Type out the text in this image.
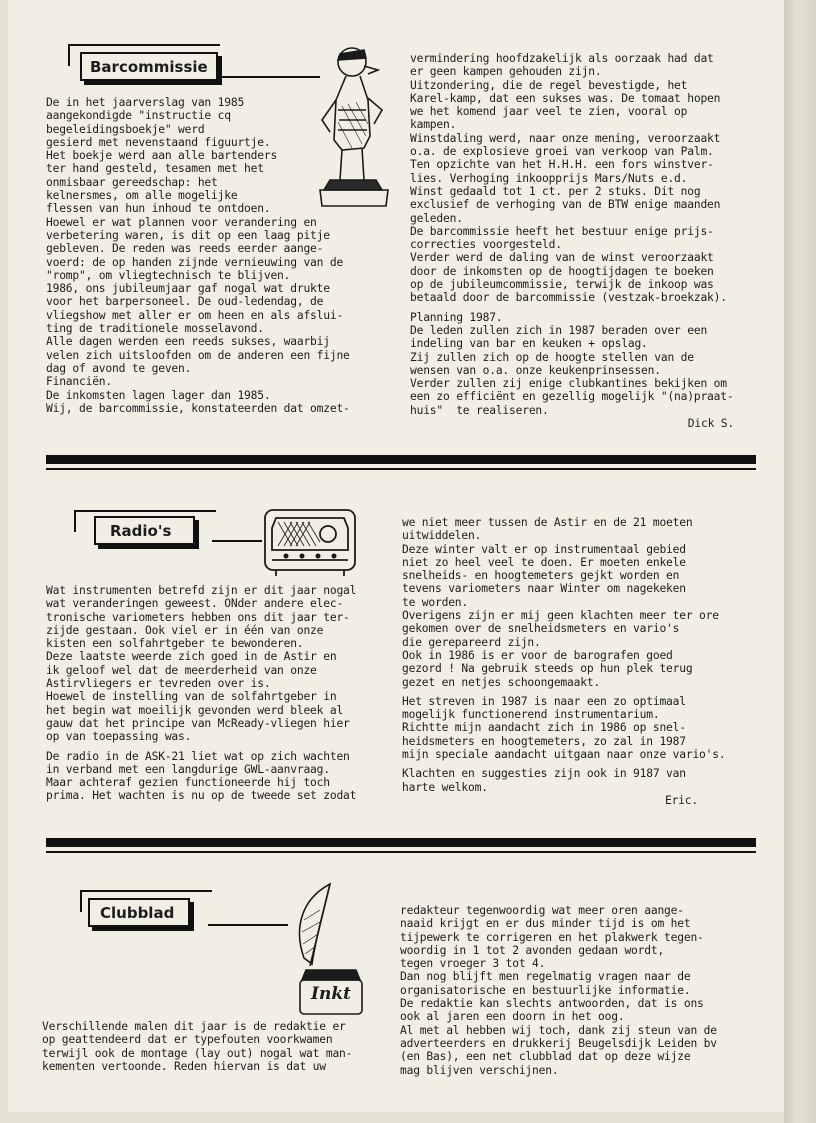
Barcommissie

De in het jaarverslag van 1985

aangekondigde "instructie cq

begeleidingsboekje" werd

gesierd met nevenstaand figuurtje.

Het boekje werd aan alle bartenders

ter hand gesteld, tesamen met het

onmisbaar gereedschap: het

kelnersmes, om alle mogelijke

flessen van hun inhoud te ontdoen.

Hoewel er wat plannen voor verandering en

verbetering waren, is dit op een laag pitje

gebleven. De reden was reeds eerder aange-

voerd: de op handen zijnde vernieuwing van de

"romp", om vliegtechnisch te blijven.

1986, ons jubileumjaar gaf nogal wat drukte

voor het barpersoneel. De oud-ledendag, de

vliegshow met aller er om heen en als afslui-

ting de traditionele mosselavond.

Alle dagen werden een reeds sukses, waarbij

velen zich uitsloofden om de anderen een fijne

dag of avond te geven.

Financiën.

De inkomsten lagen lager dan 1985.

Wij, de barcommissie, konstateerden dat omzet-

vermindering hoofdzakelijk als oorzaak had dat

er geen kampen gehouden zijn.

Uitzondering, die de regel bevestigde, het

Karel-kamp, dat een sukses was. De tomaat hopen

we het komend jaar veel te zien, vooral op

kampen.

Winstdaling werd, naar onze mening, veroorzaakt

o.a. de explosieve groei van verkoop van Palm.

Ten opzichte van het H.H.H. een fors winstver-

lies. Verhoging inkoopprijs Mars/Nuts e.d.

Winst gedaald tot 1 ct. per 2 stuks. Dit nog

exclusief de verhoging van de BTW enige maanden

geleden.

De barcommissie heeft het bestuur enige prijs-

correcties voorgesteld.

Verder werd de daling van de winst veroorzaakt

door de inkomsten op de hoogtijdagen te boeken

op de jubileumcommissie, terwijk de inkoop was

betaald door de barcommissie (vestzak-broekzak).

Planning 1987.

De leden zullen zich in 1987 beraden over een

indeling van bar en keuken + opslag.

Zij zullen zich op de hoogte stellen van de

wensen van o.a. onze keukenprinsessen.

Verder zullen zij enige clubkantines bekijken om

een zo efficiënt en gezellig mogelijk "(na)praat-

huis"  te realiseren.

Dick S.

Radio's

Wat instrumenten betrefd zijn er dit jaar nogal

wat veranderingen geweest. ONder andere elec-

tronische variometers hebben ons dit jaar ter-

zijde gestaan. Ook viel er in één van onze

kisten een solfahrtgeber te bewonderen.

Deze laatste weerde zich goed in de Astir en

ik geloof wel dat de meerderheid van onze

Astirvliegers er tevreden over is.

Hoewel de instelling van de solfahrtgeber in

het begin wat moeilijk gevonden werd bleek al

gauw dat het principe van McReady-vliegen hier

op van toepassing was.

De radio in de ASK-21 liet wat op zich wachten

in verband met een langdurige GWL-aanvraag.

Maar achteraf gezien functioneerde hij toch

prima. Het wachten is nu op de tweede set zodat

we niet meer tussen de Astir en de 21 moeten

uitwiddelen.

Deze winter valt er op instrumentaal gebied

niet zo heel veel te doen. Er moeten enkele

snelheids- en hoogtemeters gejkt worden en

tevens variometers naar Winter om nagekeken

te worden.

Overigens zijn er mij geen klachten meer ter ore

gekomen over de snelheidsmeters en vario's

die gerepareerd zijn.

Ook in 1986 is er voor de barografen goed

gezord ! Na gebruik steeds op hun plek terug

gezet en netjes schoongemaakt.

Het streven in 1987 is naar een zo optimaal

mogelijk functionerend instrumentarium.

Richtte mijn aandacht zich in 1986 op snel-

heidsmeters en hoogtemeters, zo zal in 1987

mijn speciale aandacht uitgaan naar onze vario's.

Klachten en suggesties zijn ook in 9187 van

harte welkom.

Eric.

Clubblad
Inkt

Verschillende malen dit jaar is de redaktie er

op geattendeerd dat er typefouten voorkwamen

terwijl ook de montage (lay out) nogal wat man-

kementen vertoonde. Reden hiervan is dat uw

redakteur tegenwoordig wat meer oren aange-

naaid krijgt en er dus minder tijd is om het

tijpewerk te corrigeren en het plakwerk tegen-

woordig in 1 tot 2 avonden gedaan wordt,

tegen vroeger 3 tot 4.

Dan nog blijft men regelmatig vragen naar de

organisatorische en bestuurlijke informatie.

De redaktie kan slechts antwoorden, dat is ons

ook al jaren een doorn in het oog.

Al met al hebben wij toch, dank zij steun van de

adverteerders en drukkerij Beugelsdijk Leiden bv

(en Bas), een net clubblad dat op deze wijze

mag blijven verschijnen.
